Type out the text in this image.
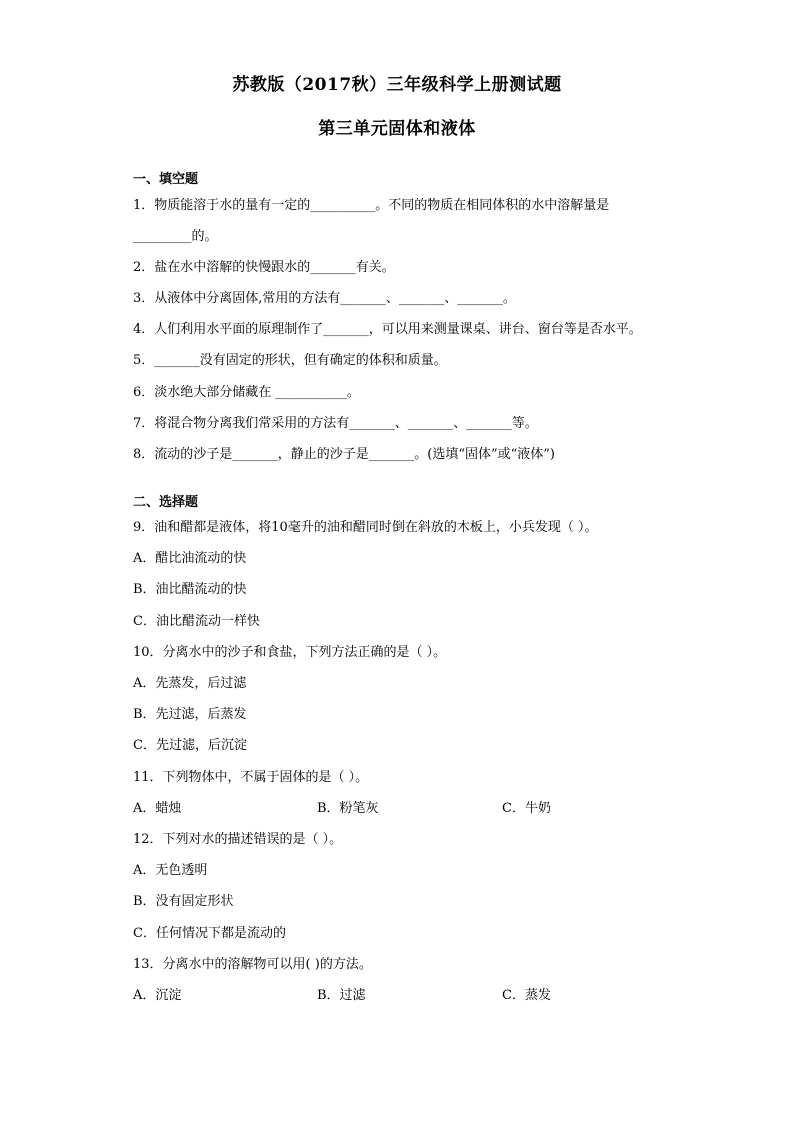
苏教版（2017秋）三年级科学上册测试题
第三单元固体和液体
一、填空题
1．物质能溶于水的量有一定的__________。不同的物质在相同体积的水中溶解量是
_________的。
2．盐在水中溶解的快慢跟水的_______有关。
3．从液体中分离固体,常用的方法有_______、_______、_______。
4．人们利用水平面的原理制作了_______，可以用来测量课桌、讲台、窗台等是否水平。
5．_______没有固定的形状，但有确定的体积和质量。
6．淡水绝大部分储藏在 ___________。
7．将混合物分离我们常采用的方法有_______、_______、_______等。
8．流动的沙子是_______，静止的沙子是_______。(选填“固体”或“液体”)
二、选择题
9．油和醋都是液体，将10毫升的油和醋同时倒在斜放的木板上，小兵发现（ ）。
A．醋比油流动的快
B．油比醋流动的快
C．油比醋流动一样快
10．分离水中的沙子和食盐，下列方法正确的是（ ）。
A．先蒸发，后过滤
B．先过滤，后蒸发
C．先过滤，后沉淀
11．下列物体中，不属于固体的是（ ）。
A．蜡烛	B．粉笔灰	C．牛奶
12．下列对水的描述错误的是（ ）。
A．无色透明
B．没有固定形状
C．任何情况下都是流动的
13．分离水中的溶解物可以用( )的方法。
A．沉淀	B．过滤	C．蒸发
